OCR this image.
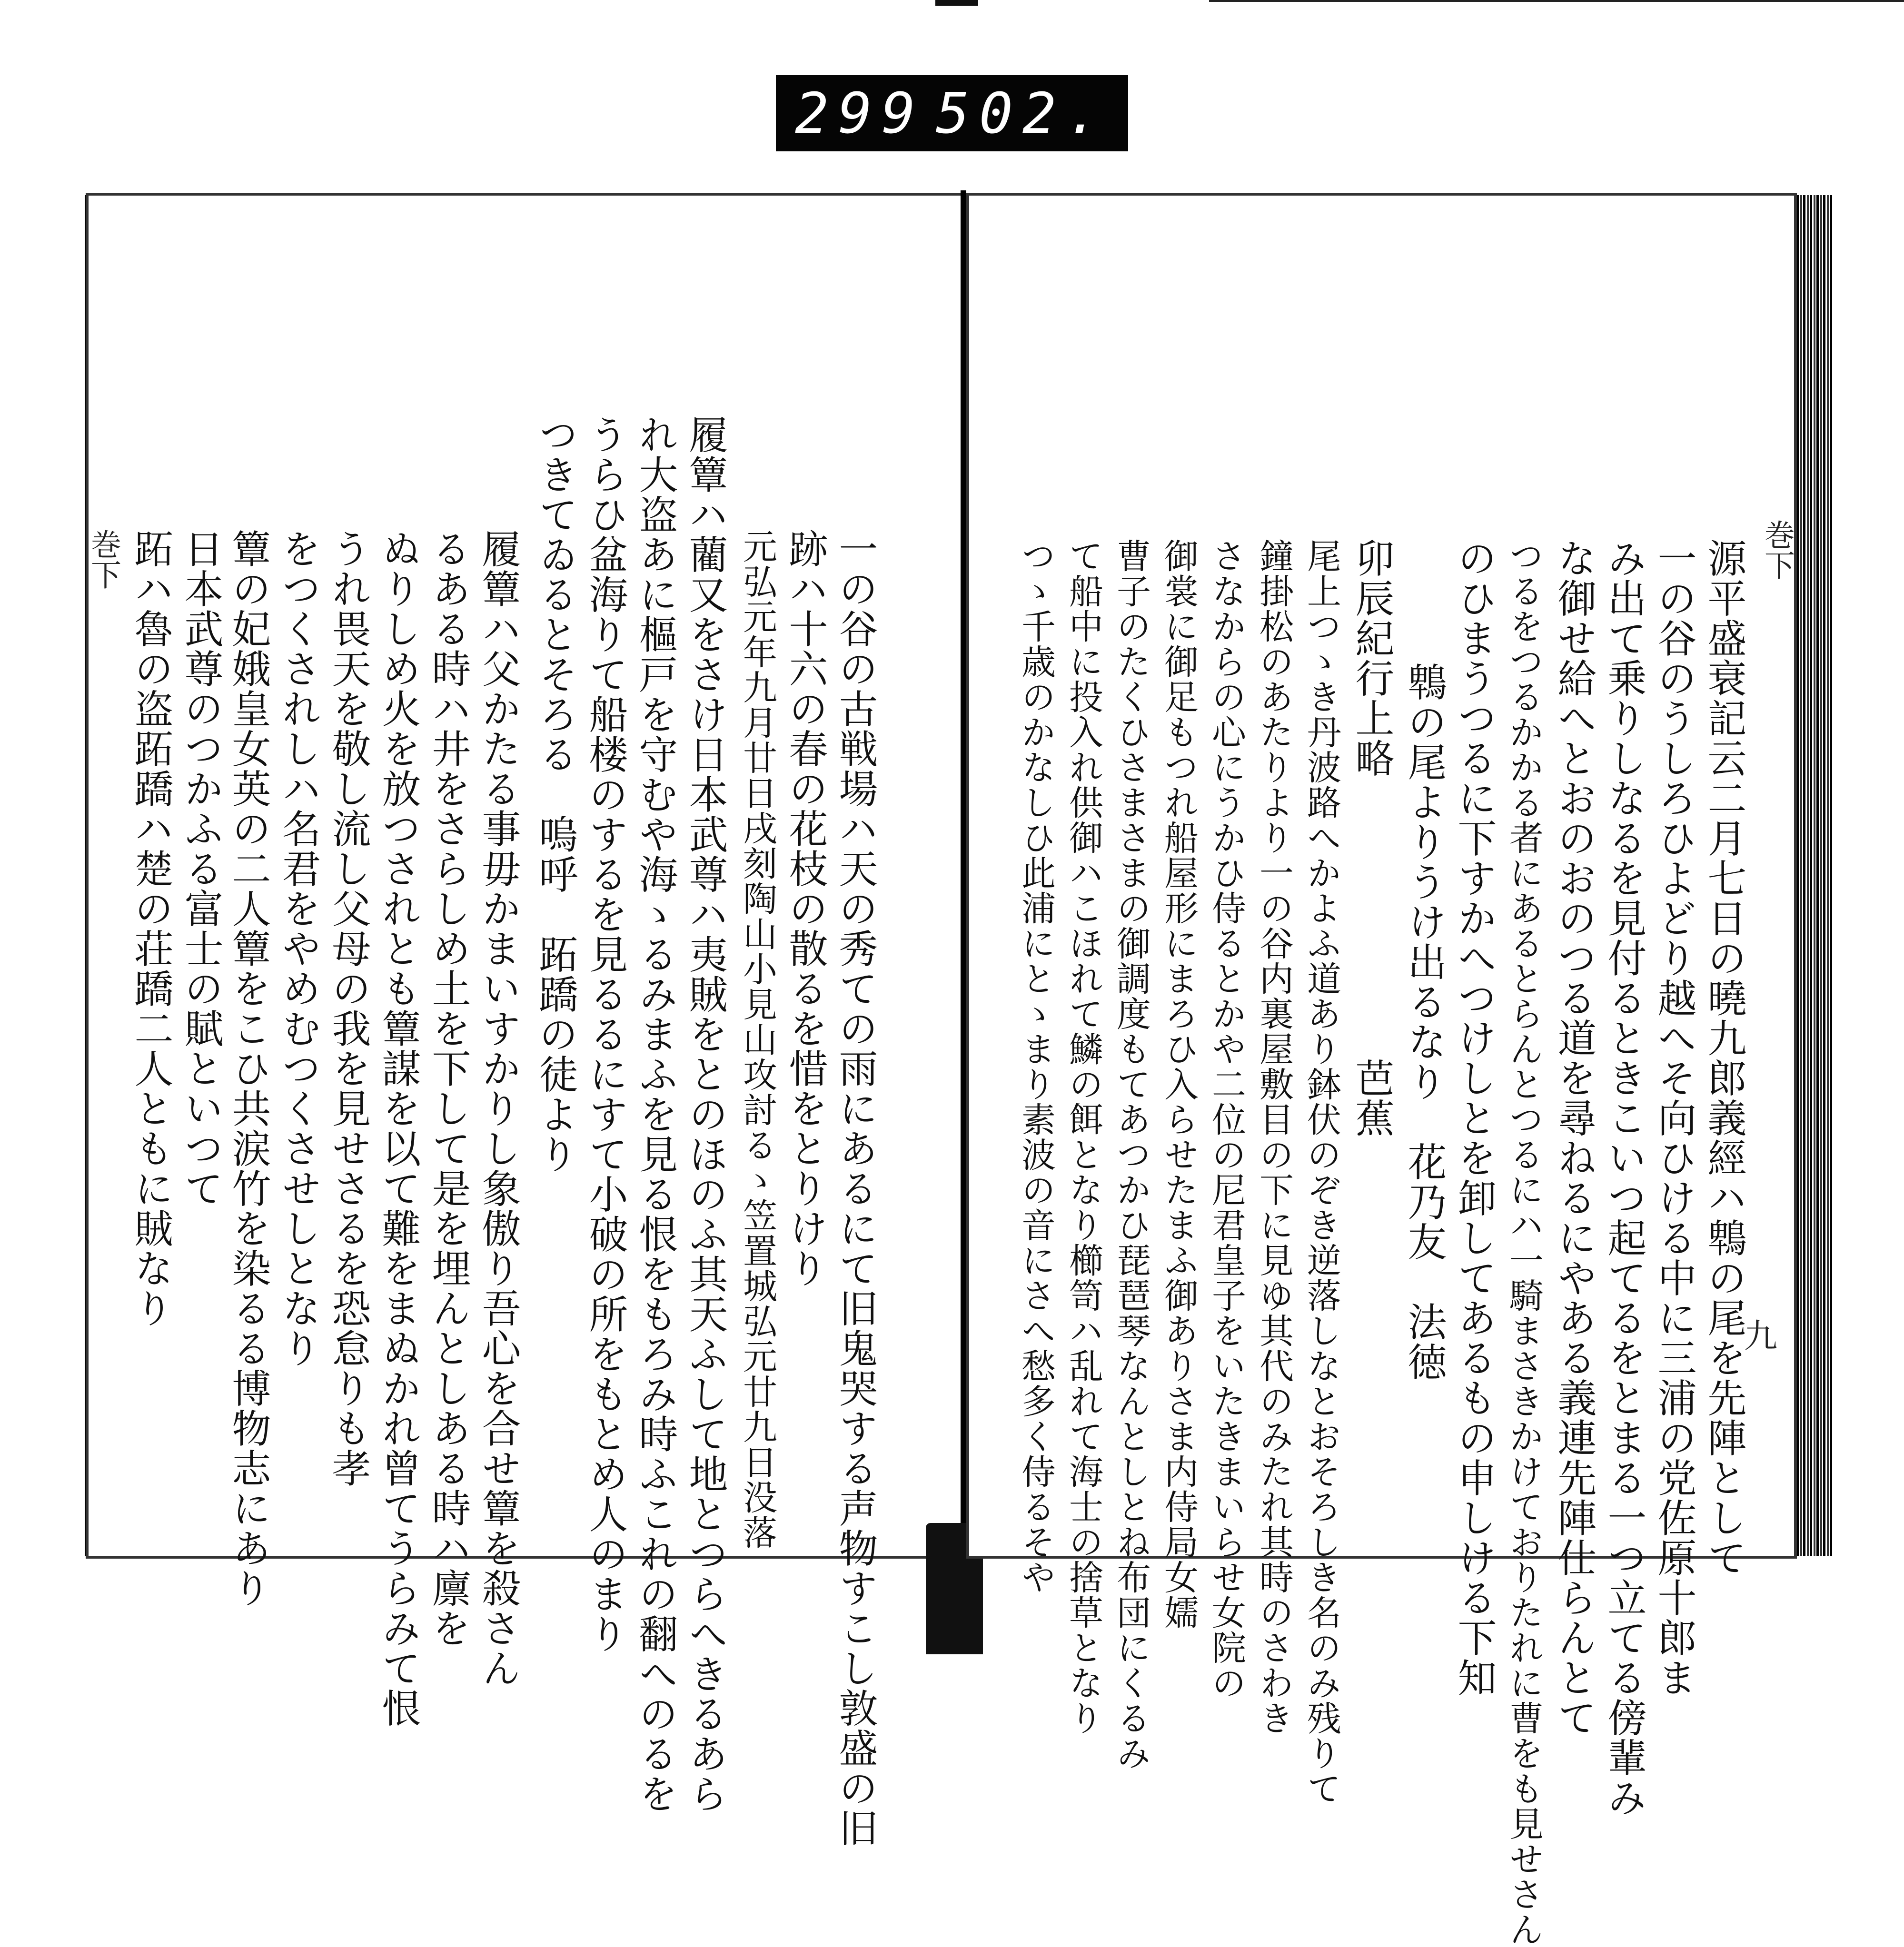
299 502.
巻下	一の谷の古戦場ハ天の秀ての雨にあるにて旧鬼哭する声物すこし敦盛の旧
跡ハ十六の春の花枝の散るを惜をとりけり
元弘元年九月廿日戌刻陶山小見山攻討るゝ笠置城弘元廿九日没落
履簟ハ藺又をさけ日本武尊ハ夷賊をとのほのふ其天ふして地とつらへきるあら
れ大盗あに樞戸を守むや海ゝるみまふを見る恨をもろみ時ふこれの翻へのるを
うらひ盆海りて船楼のするを見るるにすて小破の所をもとめ人のまり
つきてゐるとそろる　嗚呼　跖蹻の徒より
履簟ハ父かたる事毋かまいすかりし象傲り吾心を合せ簟を殺さん
るある時ハ井をさらしめ土を下して是を埋んとしある時ハ廪を
ぬりしめ火を放つされとも簟謀を以て難をまぬかれ曾てうらみて恨
うれ畏天を敬し流し父母の我を見せさるを恐怠りも孝
をつくされしハ名君をやめむつくさせしとなり
簟の妃娥皇女英の二人簟をこひ共涙竹を染るる博物志にあり
日本武尊のつかふる富士の賦といつて
跖ハ魯の盗跖蹻ハ楚の荘蹻二人ともに賊なり	巻下
九
源平盛衰記云二月七日の曉九郎義經ハ鵯の尾を先陣として
一の谷のうしろひよどり越へそ向ひける中に三浦の党佐原十郎ま
み出て乗りしなるを見付るときこいつ起てるをとまる一つ立てる傍輩み
な御せ給へとおのおのつる道を尋ねるにやある義連先陣仕らんとて
つるをつるかかる者にあるとらんとつるにハ一騎まさきかけておりたれに曹をも見せさん
のひまうつるに下すかへつけしとを卸してあるもの申しける下知
鵯の尾よりうけ出るなり　花乃友　法徳
卯辰紀行上略　　　　　　　芭蕉
尾上つゝき丹波路へかよふ道あり鉢伏のぞき逆落しなとおそろしき名のみ残りて
鐘掛松のあたりより一の谷内裏屋敷目の下に見ゆ其代のみたれ其時のさわき
さなからの心にうかひ侍るとかや二位の尼君皇子をいたきまいらせ女院の
御裳に御足もつれ船屋形にまろひ入らせたまふ御ありさま内侍局女嬬
曹子のたくひさまさまの御調度もてあつかひ琵琶琴なんとしとね布団にくるみ
て船中に投入れ供御ハこほれて鱗の餌となり櫛笥ハ乱れて海士の捨草となり
つゝ千歳のかなしひ此浦にとゝまり素波の音にさへ愁多く侍るそや
